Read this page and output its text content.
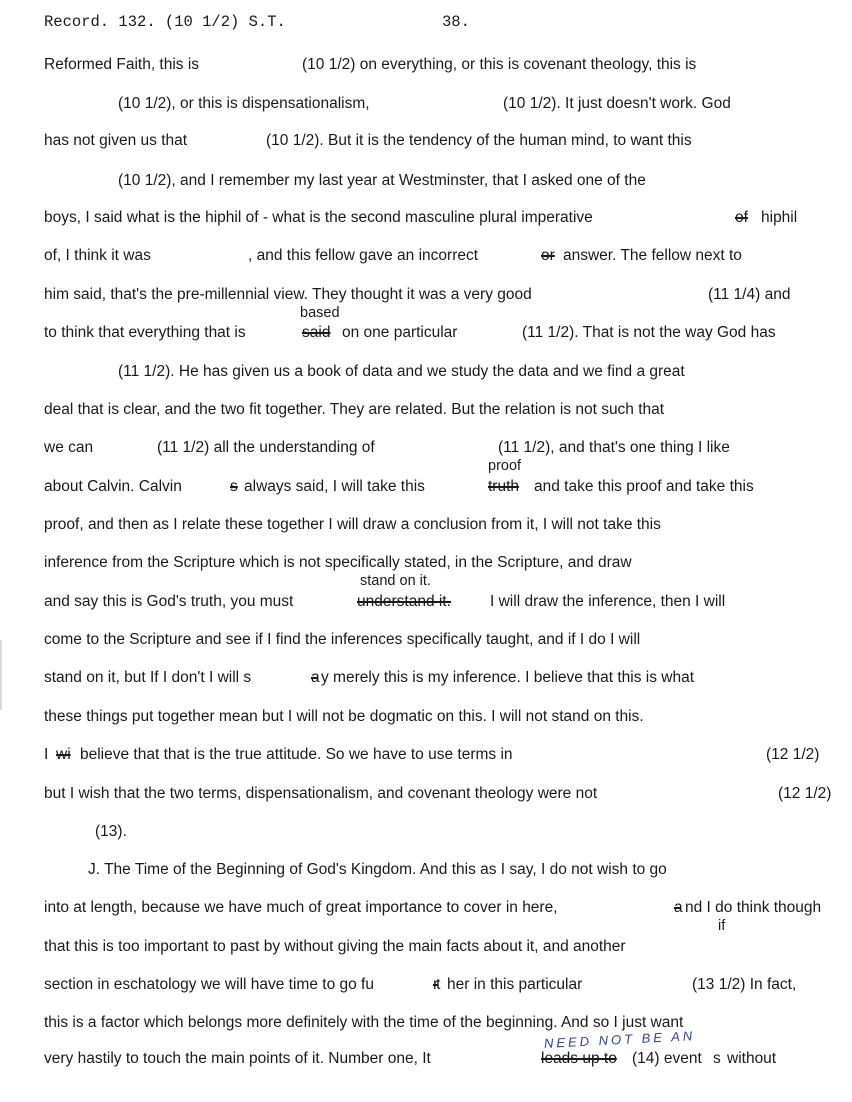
Record. 132. (10 1/2) S.T.	38.
Reformed Faith, this is	(10 1/2) on everything, or this is covenant theology, this is
(10 1/2), or this is dispensationalism,	(10 1/2). It just doesn't work. God
has not given us that	(10 1/2). But it is the tendency of the human mind, to want this
(10 1/2), and I remember my last year at Westminster, that I asked one of the
boys, I said what is the hiphil of - what is the second masculine plural imperative	of hiphil
of, I think it was	, and this fellow gave an incorrect	or answer. The fellow next to
him said, that's the pre-millennial view. They thought it was a very good	(11 1/4) and
based
to think that everything that is	said on one particular	(11 1/2). That is not the way God has
(11 1/2). He has given us a book of data and we study the data and we find a great
deal that is clear, and the two fit together. They are related. But the relation is not such that
we can	(11 1/2) all the understanding of	(11 1/2), and that's one thing I like
proof
about Calvin. Calvin	s always said, I will take this	truth and take this proof and take this
proof, and then as I relate these together I will draw a conclusion from it, I will not take this
inference from the Scripture which is not specifically stated, in the Scripture, and draw
stand on it.
and say this is God's truth, you must	understand it.	I will draw the inference, then I will
come to the Scripture and see if I find the inferences specifically taught, and if I do I will
stand on it, but If I don't I will s	a y merely this is my inference. I believe that this is what
these things put together mean but I will not be dogmatic on this. I will not stand on this.
I wi believe that that is the true attitude. So we have to use terms in	(12 1/2)
but I wish that the two terms, dispensationalism, and covenant theology were not	(12 1/2)
(13).
J. The Time of the Beginning of God's Kingdom. And this as I say, I do not wish to go
into at length, because we have much of great importance to cover in here,	a nd I do think though
if
that this is too important to past by without giving the main facts about it, and another
section in eschatology we will have time to go fu	rt her in this particular	(13 1/2) In fact,
this is a factor which belongs more definitely with the time of the beginning. And so I just want
NEED NOT BE AN
very hastily to touch the main points of it. Number one, It	leads up to (14) event s without
